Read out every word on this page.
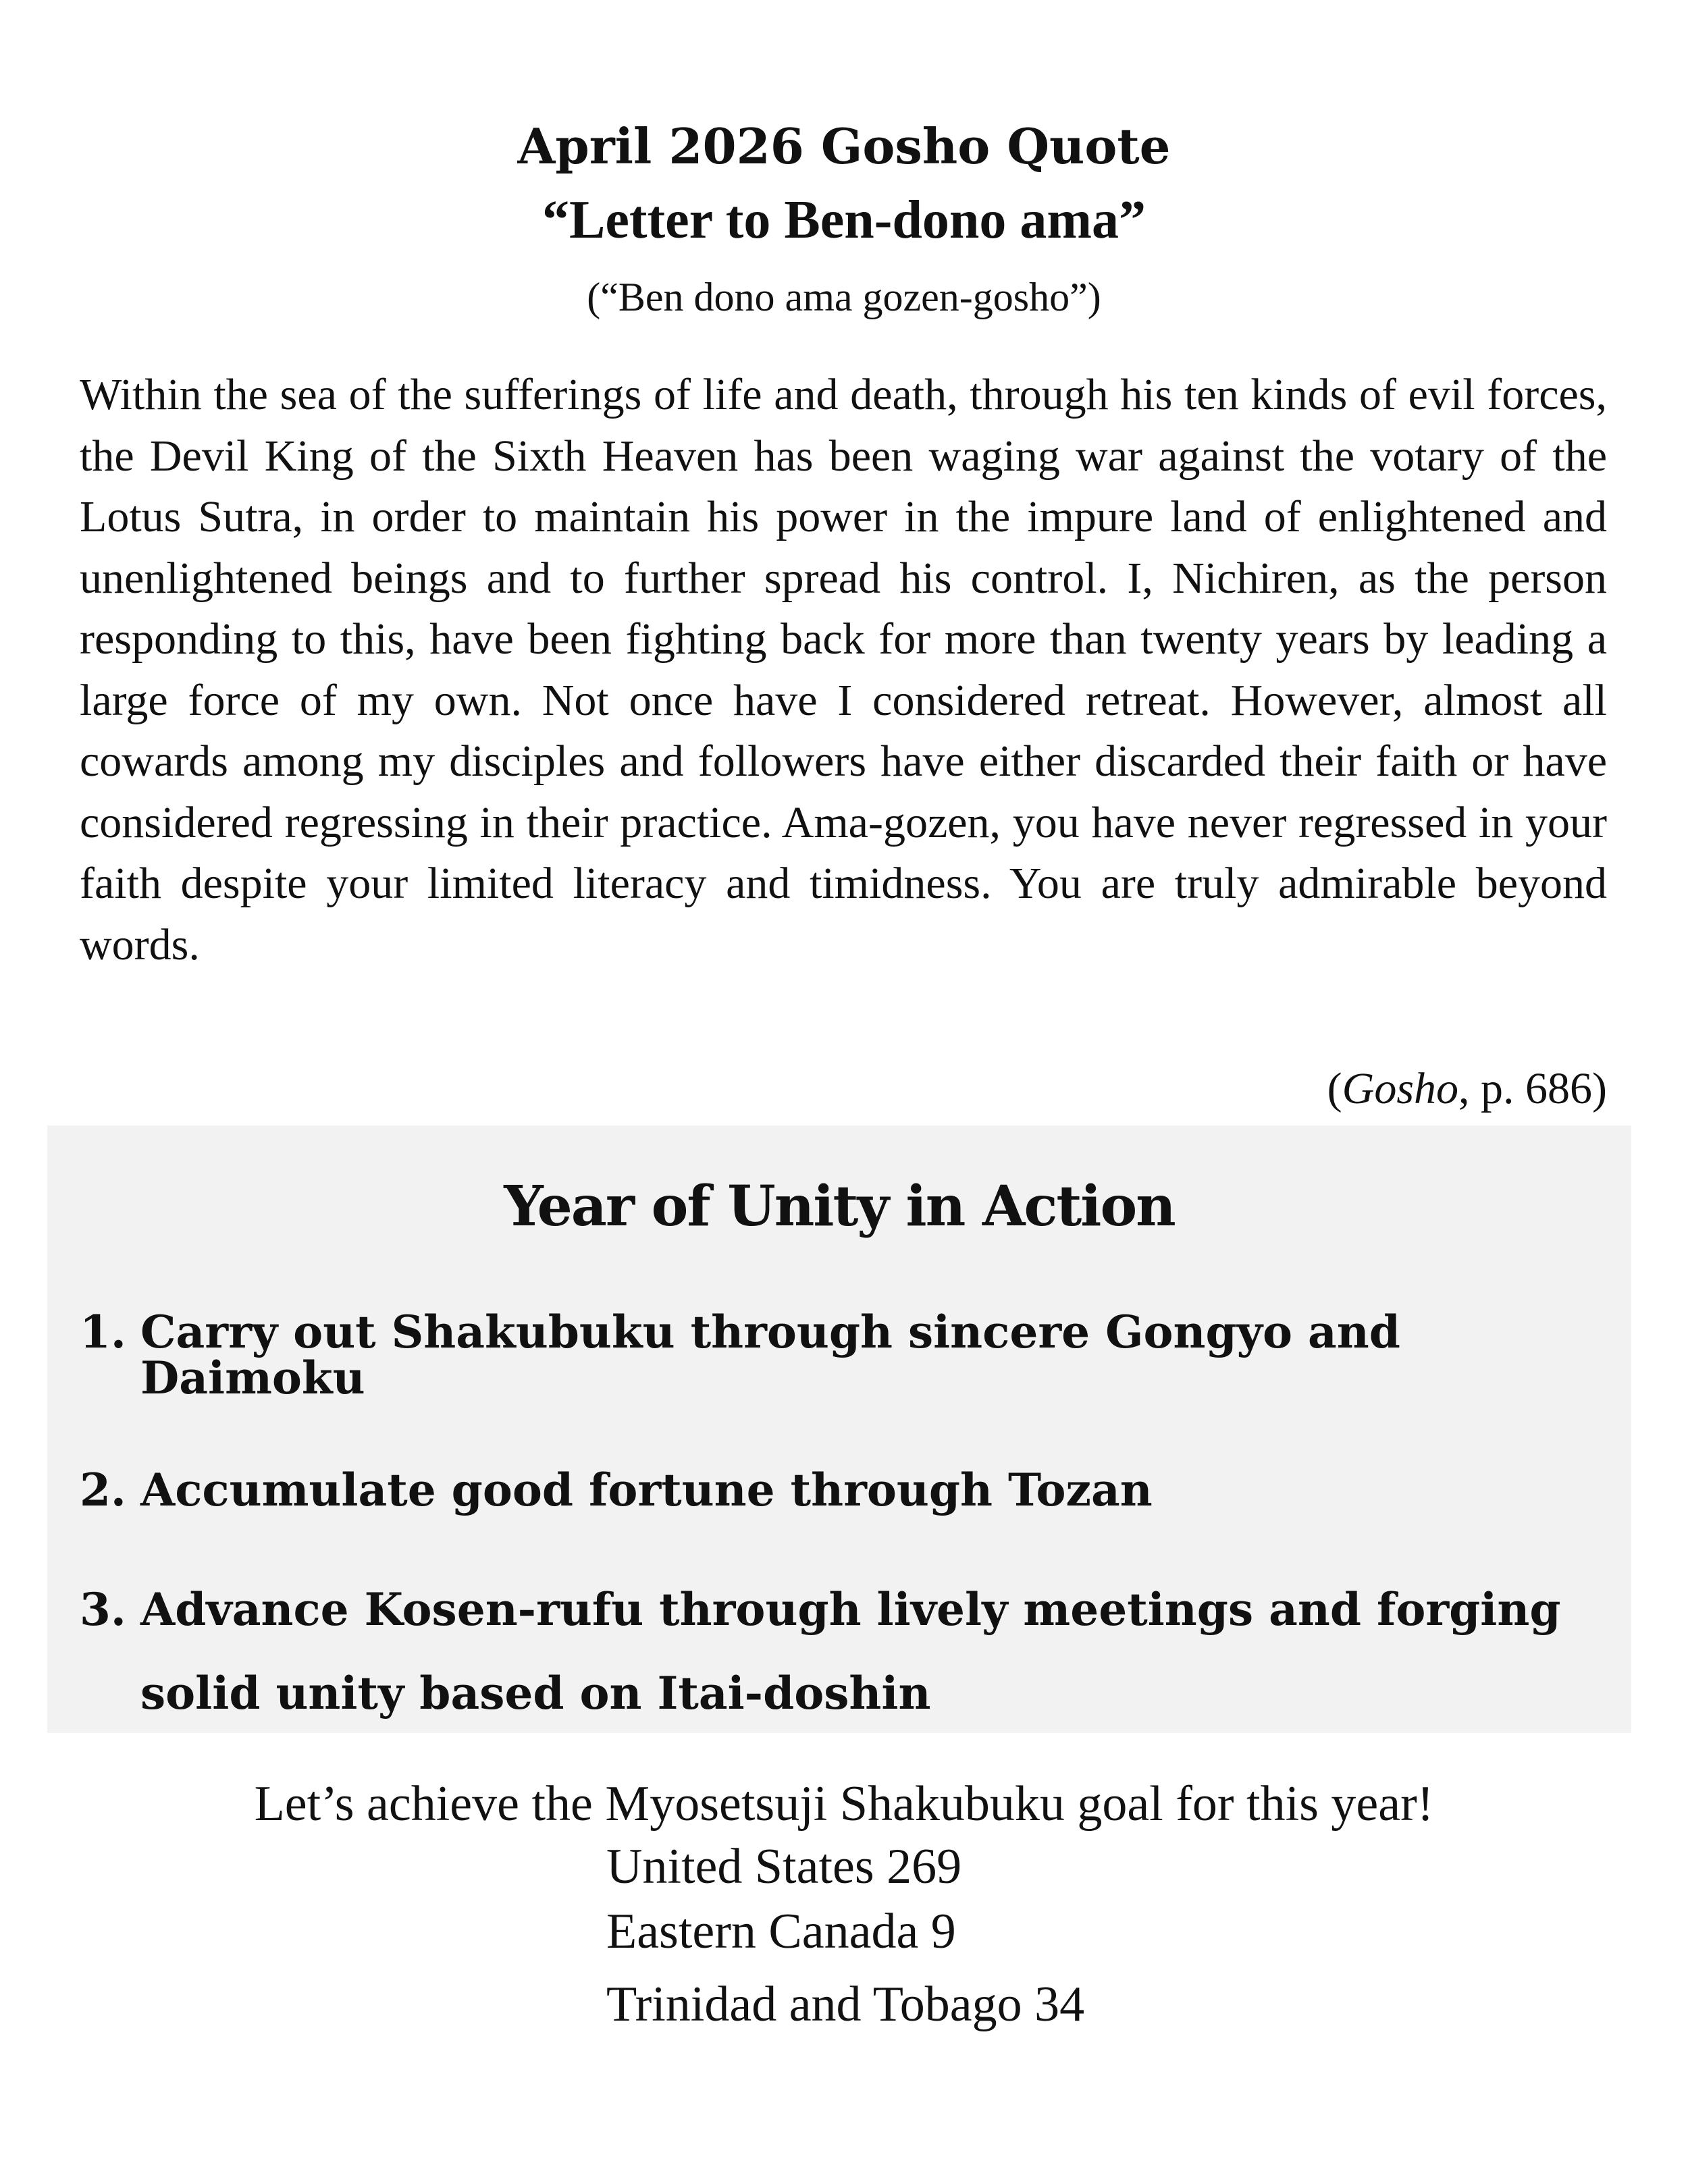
April 2026 Gosho Quote
“Letter to Ben-dono ama”

(“Ben dono ama gozen-gosho”)

Within the sea of the sufferings of life and death, through his ten kinds of evil forces, the Devil King of the Sixth Heaven has been waging war against the votary of the Lotus Sutra, in order to maintain his power in the impure land of enlightened and unenlightened beings and to further spread his control. I, Nichiren, as the person responding to this, have been fighting back for more than twenty years by leading a large force of my own. Not once have I considered retreat. However, almost all cowards among my disciples and followers have either discarded their faith or have considered regressing in their practice. Ama-gozen, you have never regressed in your faith despite your limited literacy and timidness. You are truly admirable beyond words.

(Gosho, p. 686)

Year of Unity in Action
1. Carry out Shakubuku through sincere Gongyo and Daimoku
2. Accumulate good fortune through Tozan
3. Advance Kosen-rufu through lively meetings and forging solid unity based on Itai-doshin

Let’s achieve the Myosetsuji Shakubuku goal for this year!

United States 269

Eastern Canada 9

Trinidad and Tobago 34
